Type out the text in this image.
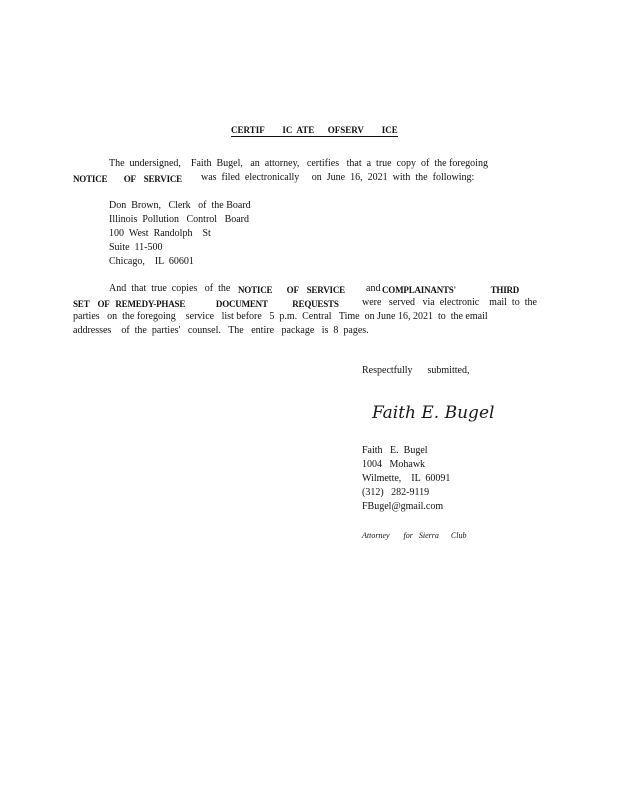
CERTIF        IC  ATE      OFSERV        ICE
The  undersigned,    Faith  Bugel,   an  attorney,   certifies   that  a  true  copy  of  the foregoing
NOTICE        OF    SERVICE was  filed  electronically     on  June  16,  2021  with  the  following:
Don  Brown,   Clerk   of  the Board
Illinois  Pollution   Control   Board
100  West  Randolph    St
Suite  11-500
Chicago,    IL  60601
And  that  true  copies   of  the NOTICE       OF    SERVICE and COMPLAINANTS'                 THIRD
SET    OF   REMEDY-PHASE               DOCUMENT            REQUESTS were   served   via  electronic    mail  to  the
parties   on  the foregoing    service   list before   5  p.m.  Central   Time  on June 16, 2021  to  the email
addresses    of  the  parties'   counsel.   The   entire   package   is  8  pages.
Respectfully      submitted,
Faith E. Bugel
Faith   E.  Bugel
1004   Mohawk
Wilmette,    IL  60091
(312)   282-9119
FBugel@gmail.com
Attorney       for   Sierra      Club
